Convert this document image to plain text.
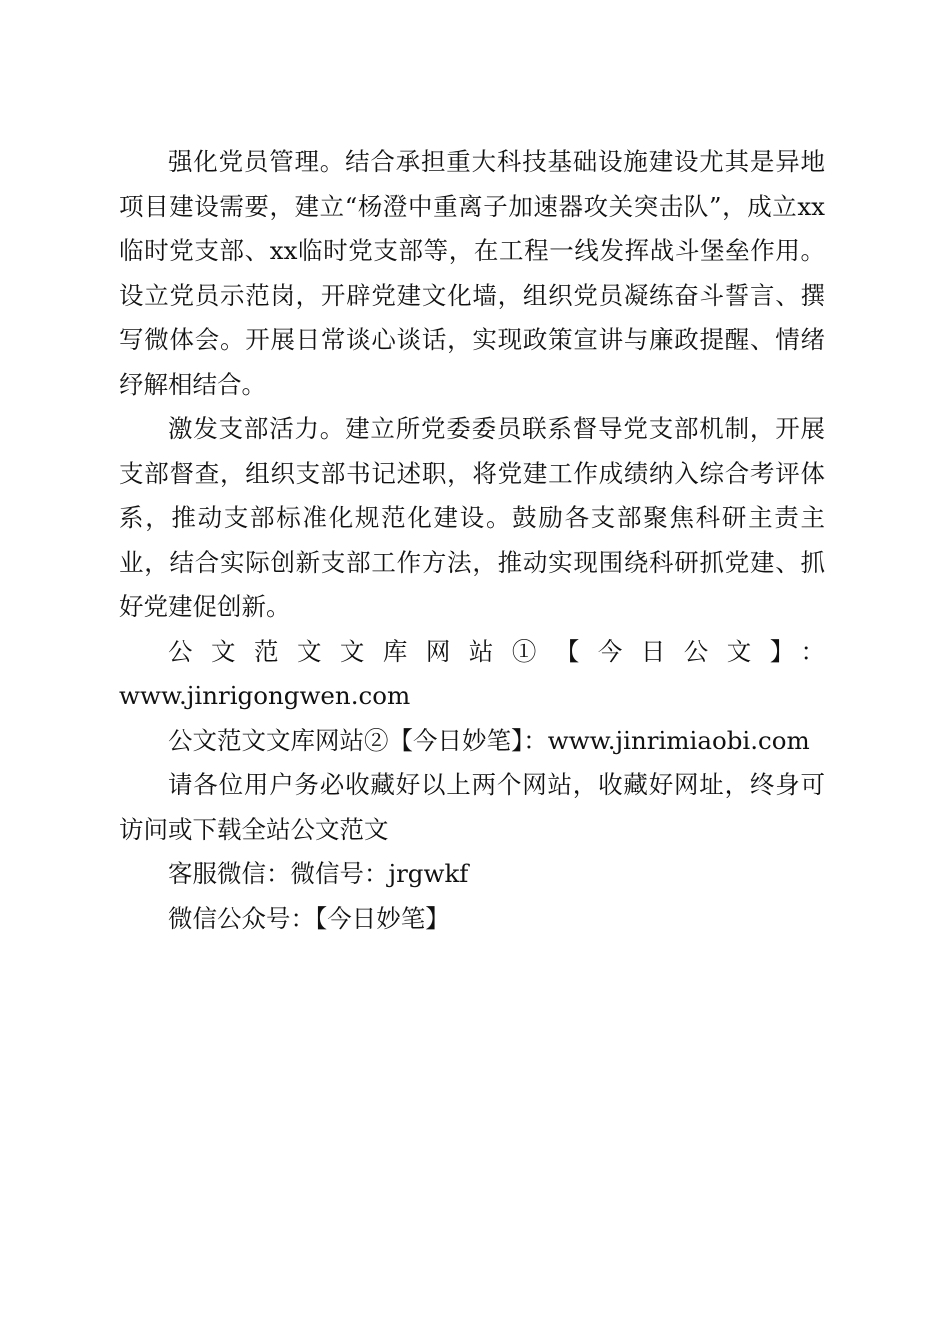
强化党员管理。结合承担重大科技基础设施建设尤其是异地项目建设需要，建立“杨澄中重离子加速器攻关突击队”，成立xx临时党支部、xx临时党支部等，在工程一线发挥战斗堡垒作用。设立党员示范岗，开辟党建文化墙，组织党员凝练奋斗誓言、撰写微体会。开展日常谈心谈话，实现政策宣讲与廉政提醒、情绪纾解相结合。

激发支部活力。建立所党委委员联系督导党支部机制，开展支部督查，组织支部书记述职，将党建工作成绩纳入综合考评体系，推动支部标准化规范化建设。鼓励各支部聚焦科研主责主业，结合实际创新支部工作方法，推动实现围绕科研抓党建、抓好党建促创新。

公文范文文库网站①【今日公文】：

www.jinrigongwen.com

公文范文文库网站②【今日妙笔】：www.jinrimiaobi.com

请各位用户务必收藏好以上两个网站，收藏好网址，终身可访问或下载全站公文范文

客服微信：微信号：jrgwkf

微信公众号：【今日妙笔】
